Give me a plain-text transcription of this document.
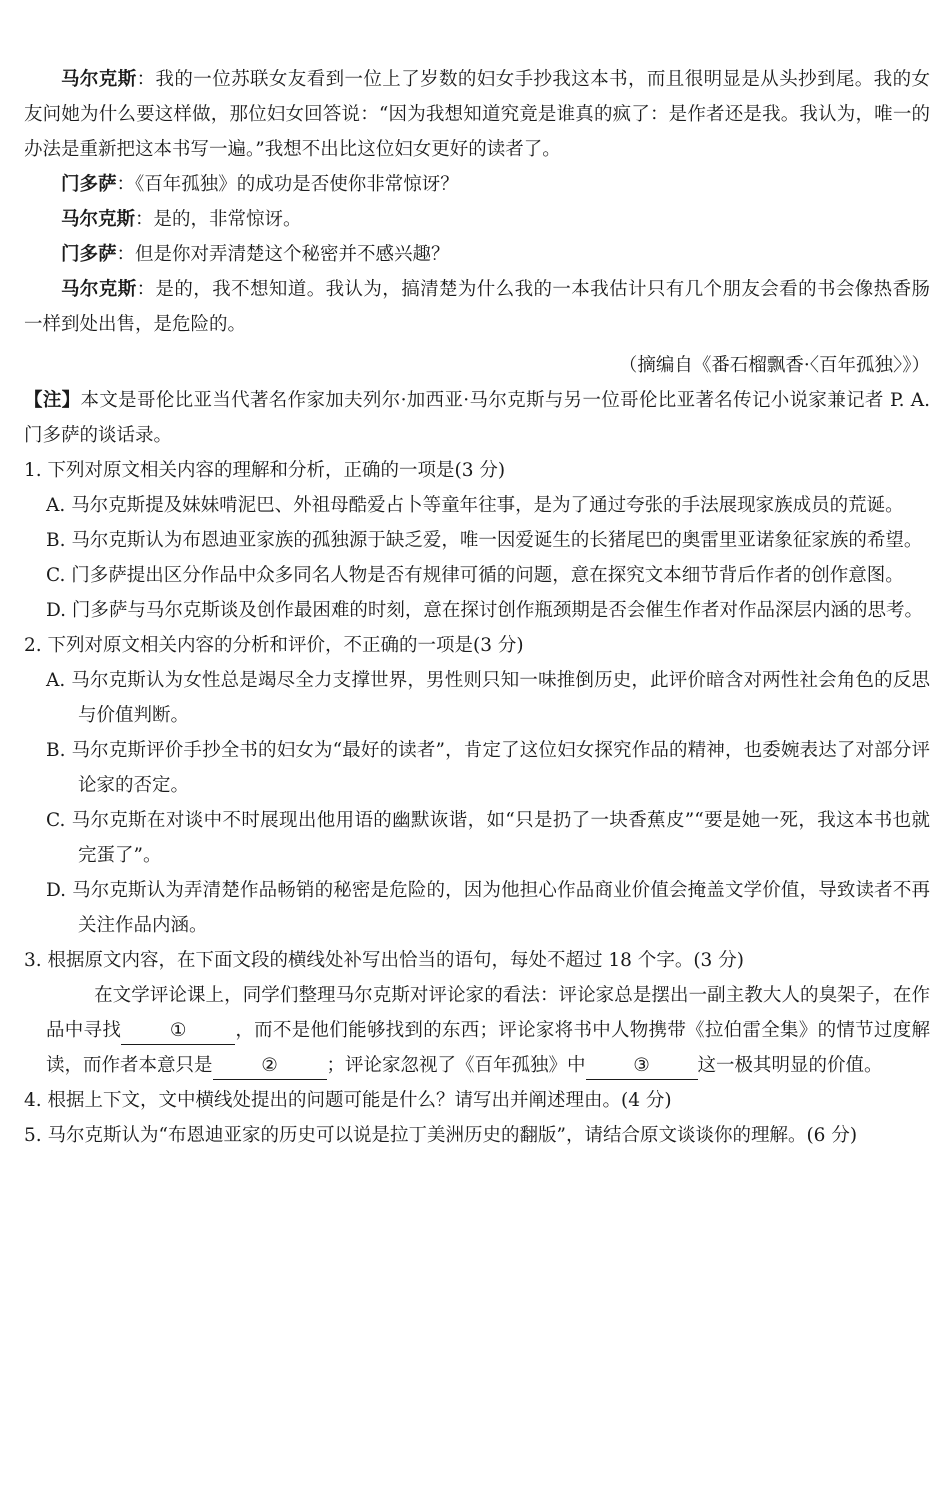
马尔克斯：我的一位苏联女友看到一位上了岁数的妇女手抄我这本书，而且很明显是从头抄到尾。我的女友问她为什么要这样做，那位妇女回答说：“因为我想知道究竟是谁真的疯了：是作者还是我。我认为，唯一的办法是重新把这本书写一遍。”我想不出比这位妇女更好的读者了。

门多萨：《百年孤独》的成功是否使你非常惊讶？

马尔克斯：是的，非常惊讶。

门多萨：但是你对弄清楚这个秘密并不感兴趣？

马尔克斯：是的，我不想知道。我认为，搞清楚为什么我的一本我估计只有几个朋友会看的书会像热香肠一样到处出售，是危险的。

（摘编自《番石榴飘香·〈百年孤独〉》）

【注】本文是哥伦比亚当代著名作家加夫列尔·加西亚·马尔克斯与另一位哥伦比亚著名传记小说家兼记者 P. A. 门多萨的谈话录。

1. 下列对原文相关内容的理解和分析，正确的一项是(3 分)

A. 马尔克斯提及妹妹啃泥巴、外祖母酷爱占卜等童年往事，是为了通过夸张的手法展现家族成员的荒诞。

B. 马尔克斯认为布恩迪亚家族的孤独源于缺乏爱，唯一因爱诞生的长猪尾巴的奥雷里亚诺象征家族的希望。

C. 门多萨提出区分作品中众多同名人物是否有规律可循的问题，意在探究文本细节背后作者的创作意图。

D. 门多萨与马尔克斯谈及创作最困难的时刻，意在探讨创作瓶颈期是否会催生作者对作品深层内涵的思考。

2. 下列对原文相关内容的分析和评价，不正确的一项是(3 分)

A. 马尔克斯认为女性总是竭尽全力支撑世界，男性则只知一味推倒历史，此评价暗含对两性社会角色的反思与价值判断。

B. 马尔克斯评价手抄全书的妇女为“最好的读者”，肯定了这位妇女探究作品的精神，也委婉表达了对部分评论家的否定。

C. 马尔克斯在对谈中不时展现出他用语的幽默诙谐，如“只是扔了一块香蕉皮”“要是她一死，我这本书也就完蛋了”。

D. 马尔克斯认为弄清楚作品畅销的秘密是危险的，因为他担心作品商业价值会掩盖文学价值，导致读者不再关注作品内涵。

3. 根据原文内容，在下面文段的横线处补写出恰当的语句，每处不超过 18 个字。(3 分)

在文学评论课上，同学们整理马尔克斯对评论家的看法：评论家总是摆出一副主教大人的臭架子，在作品中寻找	①	，而不是他们能够找到的东西；评论家将书中人物携带《拉伯雷全集》的情节过度解读，而作者本意只是	②	；评论家忽视了《百年孤独》中	③	这一极其明显的价值。

4. 根据上下文，文中横线处提出的问题可能是什么？请写出并阐述理由。(4 分)

5. 马尔克斯认为“布恩迪亚家的历史可以说是拉丁美洲历史的翻版”，请结合原文谈谈你的理解。(6 分)
